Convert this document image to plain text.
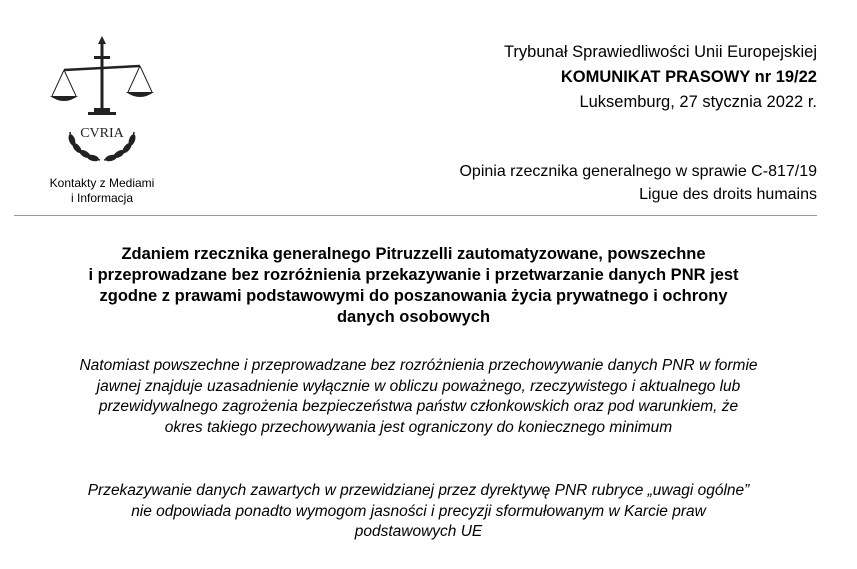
CVRIA
Kontakty z Mediami
i Informacja
Trybunał Sprawiedliwości Unii Europejskiej
KOMUNIKAT PRASOWY nr 19/22
Luksemburg, 27 stycznia 2022 r.
Opinia rzecznika generalnego w sprawie C-817/19
Ligue des droits humains
Zdaniem rzecznika generalnego Pitruzzelli zautomatyzowane, powszechne
i przeprowadzane bez rozróżnienia przekazywanie i przetwarzanie danych PNR jest
zgodne z prawami podstawowymi do poszanowania życia prywatnego i ochrony
danych osobowych
Natomiast powszechne i przeprowadzane bez rozróżnienia przechowywanie danych PNR w formie
jawnej znajduje uzasadnienie wyłącznie w obliczu poważnego, rzeczywistego i aktualnego lub
przewidywalnego zagrożenia bezpieczeństwa państw członkowskich oraz pod warunkiem, że
okres takiego przechowywania jest ograniczony do koniecznego minimum
Przekazywanie danych zawartych w przewidzianej przez dyrektywę PNR rubryce „uwagi ogólne”
nie odpowiada ponadto wymogom jasności i precyzji sformułowanym w Karcie praw
podstawowych UE
